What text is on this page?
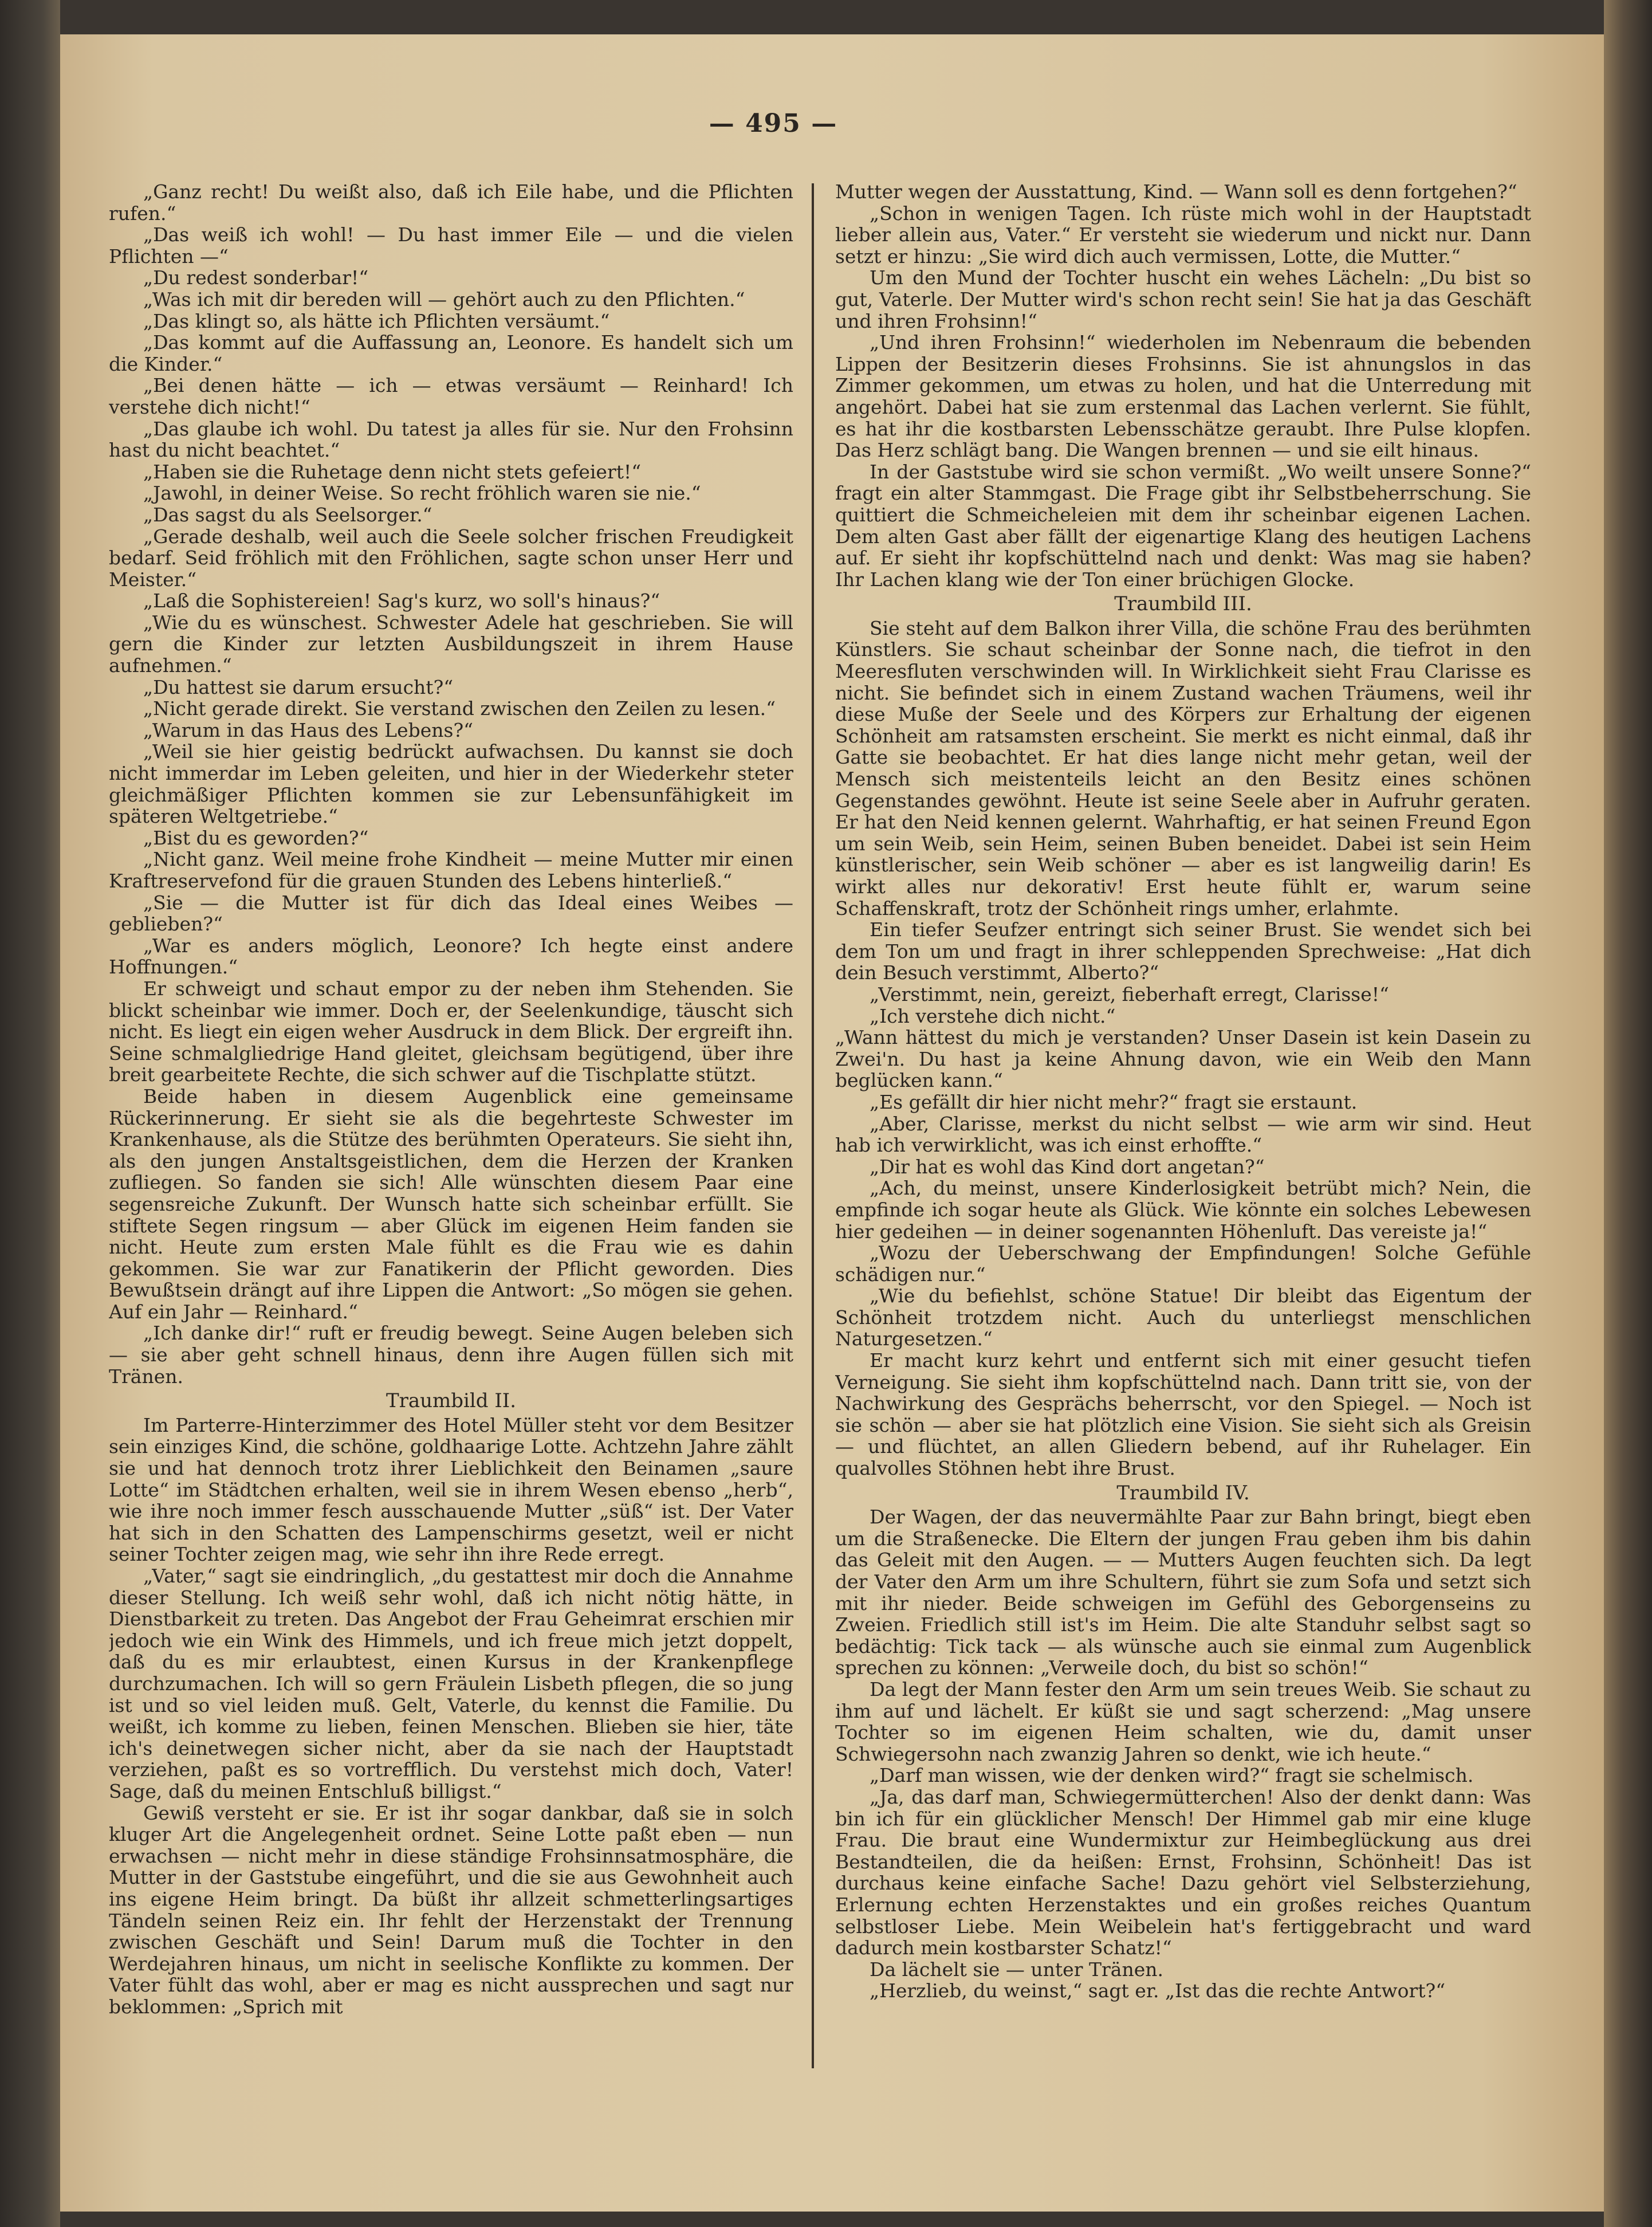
— 495 —

„Ganz recht! Du weißt also, daß ich Eile habe, und die Pflichten rufen.“

„Das weiß ich wohl! — Du hast immer Eile — und die vielen Pflichten —“

„Du redest sonderbar!“

„Was ich mit dir bereden will — gehört auch zu den Pflichten.“

„Das klingt so, als hätte ich Pflichten versäumt.“

„Das kommt auf die Auffassung an, Leonore. Es handelt sich um die Kinder.“

„Bei denen hätte — ich — etwas versäumt — Reinhard! Ich verstehe dich nicht!“

„Das glaube ich wohl. Du tatest ja alles für sie. Nur den Frohsinn hast du nicht beachtet.“

„Haben sie die Ruhetage denn nicht stets gefeiert!“

„Jawohl, in deiner Weise. So recht fröhlich waren sie nie.“

„Das sagst du als Seelsorger.“

„Gerade deshalb, weil auch die Seele solcher frischen Freudigkeit bedarf. Seid fröhlich mit den Fröhlichen, sagte schon unser Herr und Meister.“

„Laß die Sophistereien! Sag's kurz, wo soll's hinaus?“

„Wie du es wünschest. Schwester Adele hat geschrieben. Sie will gern die Kinder zur letzten Ausbildungszeit in ihrem Hause aufnehmen.“

„Du hattest sie darum ersucht?“

„Nicht gerade direkt. Sie verstand zwischen den Zeilen zu lesen.“

„Warum in das Haus des Lebens?“

„Weil sie hier geistig bedrückt aufwachsen. Du kannst sie doch nicht immerdar im Leben geleiten, und hier in der Wiederkehr steter gleichmäßiger Pflichten kommen sie zur Lebensunfähigkeit im späteren Weltgetriebe.“

„Bist du es geworden?“

„Nicht ganz. Weil meine frohe Kindheit — meine Mutter mir einen Kraftreservefond für die grauen Stunden des Lebens hinterließ.“

„Sie — die Mutter ist für dich das Ideal eines Weibes — geblieben?“

„War es anders möglich, Leonore? Ich hegte einst andere Hoffnungen.“

Er schweigt und schaut empor zu der neben ihm Stehenden. Sie blickt scheinbar wie immer. Doch er, der Seelenkundige, täuscht sich nicht. Es liegt ein eigen weher Ausdruck in dem Blick. Der ergreift ihn. Seine schmalgliedrige Hand gleitet, gleichsam begütigend, über ihre breit gearbeitete Rechte, die sich schwer auf die Tischplatte stützt.

Beide haben in diesem Augenblick eine gemeinsame Rückerinnerung. Er sieht sie als die begehrteste Schwester im Krankenhause, als die Stütze des berühmten Operateurs. Sie sieht ihn, als den jungen Anstaltsgeistlichen, dem die Herzen der Kranken zufliegen. So fanden sie sich! Alle wünschten diesem Paar eine segensreiche Zukunft. Der Wunsch hatte sich scheinbar erfüllt. Sie stiftete Segen ringsum — aber Glück im eigenen Heim fanden sie nicht. Heute zum ersten Male fühlt es die Frau wie es dahin gekommen. Sie war zur Fanatikerin der Pflicht geworden. Dies Bewußtsein drängt auf ihre Lippen die Antwort: „So mögen sie gehen. Auf ein Jahr — Reinhard.“

„Ich danke dir!“ ruft er freudig bewegt. Seine Augen beleben sich — sie aber geht schnell hinaus, denn ihre Augen füllen sich mit Tränen.

Traumbild II.

Im Parterre-Hinterzimmer des Hotel Müller steht vor dem Besitzer sein einziges Kind, die schöne, goldhaarige Lotte. Achtzehn Jahre zählt sie und hat dennoch trotz ihrer Lieblichkeit den Beinamen „saure Lotte“ im Städtchen erhalten, weil sie in ihrem Wesen ebenso „herb“, wie ihre noch immer fesch ausschauende Mutter „süß“ ist. Der Vater hat sich in den Schatten des Lampenschirms gesetzt, weil er nicht seiner Tochter zeigen mag, wie sehr ihn ihre Rede erregt.

„Vater,“ sagt sie eindringlich, „du gestattest mir doch die Annahme dieser Stellung. Ich weiß sehr wohl, daß ich nicht nötig hätte, in Dienstbarkeit zu treten. Das Angebot der Frau Geheimrat erschien mir jedoch wie ein Wink des Himmels, und ich freue mich jetzt doppelt, daß du es mir erlaubtest, einen Kursus in der Krankenpflege durchzumachen. Ich will so gern Fräulein Lisbeth pflegen, die so jung ist und so viel leiden muß. Gelt, Vaterle, du kennst die Familie. Du weißt, ich komme zu lieben, feinen Menschen. Blieben sie hier, täte ich's deinetwegen sicher nicht, aber da sie nach der Hauptstadt verziehen, paßt es so vortrefflich. Du verstehst mich doch, Vater! Sage, daß du meinen Entschluß billigst.“

Gewiß versteht er sie. Er ist ihr sogar dankbar, daß sie in solch kluger Art die Angelegenheit ordnet. Seine Lotte paßt eben — nun erwachsen — nicht mehr in diese ständige Frohsinnsatmosphäre, die Mutter in der Gaststube eingeführt, und die sie aus Gewohnheit auch ins eigene Heim bringt. Da büßt ihr allzeit schmetterlingsartiges Tändeln seinen Reiz ein. Ihr fehlt der Herzenstakt der Trennung zwischen Geschäft und Sein! Darum muß die Tochter in den Werdejahren hinaus, um nicht in seelische Konflikte zu kommen. Der Vater fühlt das wohl, aber er mag es nicht aussprechen und sagt nur beklommen: „Sprich mit

Mutter wegen der Ausstattung, Kind. — Wann soll es denn fortgehen?“

„Schon in wenigen Tagen. Ich rüste mich wohl in der Hauptstadt lieber allein aus, Vater.“ Er versteht sie wiederum und nickt nur. Dann setzt er hinzu: „Sie wird dich auch vermissen, Lotte, die Mutter.“

Um den Mund der Tochter huscht ein wehes Lächeln: „Du bist so gut, Vaterle. Der Mutter wird's schon recht sein! Sie hat ja das Geschäft und ihren Frohsinn!“

„Und ihren Frohsinn!“ wiederholen im Nebenraum die bebenden Lippen der Besitzerin dieses Frohsinns. Sie ist ahnungslos in das Zimmer gekommen, um etwas zu holen, und hat die Unterredung mit angehört. Dabei hat sie zum erstenmal das Lachen verlernt. Sie fühlt, es hat ihr die kostbarsten Lebensschätze geraubt. Ihre Pulse klopfen. Das Herz schlägt bang. Die Wangen brennen — und sie eilt hinaus.

In der Gaststube wird sie schon vermißt. „Wo weilt unsere Sonne?“ fragt ein alter Stammgast. Die Frage gibt ihr Selbstbeherrschung. Sie quittiert die Schmeicheleien mit dem ihr scheinbar eigenen Lachen. Dem alten Gast aber fällt der eigenartige Klang des heutigen Lachens auf. Er sieht ihr kopfschüttelnd nach und denkt: Was mag sie haben? Ihr Lachen klang wie der Ton einer brüchigen Glocke.

Traumbild III.

Sie steht auf dem Balkon ihrer Villa, die schöne Frau des berühmten Künstlers. Sie schaut scheinbar der Sonne nach, die tiefrot in den Meeresfluten verschwinden will. In Wirklichkeit sieht Frau Clarisse es nicht. Sie befindet sich in einem Zustand wachen Träumens, weil ihr diese Muße der Seele und des Körpers zur Erhaltung der eigenen Schönheit am ratsamsten erscheint. Sie merkt es nicht einmal, daß ihr Gatte sie beobachtet. Er hat dies lange nicht mehr getan, weil der Mensch sich meistenteils leicht an den Besitz eines schönen Gegenstandes gewöhnt. Heute ist seine Seele aber in Aufruhr geraten. Er hat den Neid kennen gelernt. Wahrhaftig, er hat seinen Freund Egon um sein Weib, sein Heim, seinen Buben beneidet. Dabei ist sein Heim künstlerischer, sein Weib schöner — aber es ist langweilig darin! Es wirkt alles nur dekorativ! Erst heute fühlt er, warum seine Schaffenskraft, trotz der Schönheit rings umher, erlahmte.

Ein tiefer Seufzer entringt sich seiner Brust. Sie wendet sich bei dem Ton um und fragt in ihrer schleppenden Sprechweise: „Hat dich dein Besuch verstimmt, Alberto?“

„Verstimmt, nein, gereizt, fieberhaft erregt, Clarisse!“

„Ich verstehe dich nicht.“

„Wann hättest du mich je verstanden? Unser Dasein ist kein Dasein zu Zwei'n. Du hast ja keine Ahnung davon, wie ein Weib den Mann beglücken kann.“

„Es gefällt dir hier nicht mehr?“ fragt sie erstaunt.

„Aber, Clarisse, merkst du nicht selbst — wie arm wir sind. Heut hab ich verwirklicht, was ich einst erhoffte.“

„Dir hat es wohl das Kind dort angetan?“

„Ach, du meinst, unsere Kinderlosigkeit betrübt mich? Nein, die empfinde ich sogar heute als Glück. Wie könnte ein solches Lebewesen hier gedeihen — in deiner sogenannten Höhenluft. Das vereiste ja!“

„Wozu der Ueberschwang der Empfindungen! Solche Gefühle schädigen nur.“

„Wie du befiehlst, schöne Statue! Dir bleibt das Eigentum der Schönheit trotzdem nicht. Auch du unterliegst menschlichen Naturgesetzen.“

Er macht kurz kehrt und entfernt sich mit einer gesucht tiefen Verneigung. Sie sieht ihm kopfschüttelnd nach. Dann tritt sie, von der Nachwirkung des Gesprächs beherrscht, vor den Spiegel. — Noch ist sie schön — aber sie hat plötzlich eine Vision. Sie sieht sich als Greisin — und flüchtet, an allen Gliedern bebend, auf ihr Ruhelager. Ein qualvolles Stöhnen hebt ihre Brust.

Traumbild IV.

Der Wagen, der das neuvermählte Paar zur Bahn bringt, biegt eben um die Straßenecke. Die Eltern der jungen Frau geben ihm bis dahin das Geleit mit den Augen. — — Mutters Augen feuchten sich. Da legt der Vater den Arm um ihre Schultern, führt sie zum Sofa und setzt sich mit ihr nieder. Beide schweigen im Gefühl des Geborgenseins zu Zweien. Friedlich still ist's im Heim. Die alte Standuhr selbst sagt so bedächtig: Tick tack — als wünsche auch sie einmal zum Augenblick sprechen zu können: „Verweile doch, du bist so schön!“

Da legt der Mann fester den Arm um sein treues Weib. Sie schaut zu ihm auf und lächelt. Er küßt sie und sagt scherzend: „Mag unsere Tochter so im eigenen Heim schalten, wie du, damit unser Schwiegersohn nach zwanzig Jahren so denkt, wie ich heute.“

„Darf man wissen, wie der denken wird?“ fragt sie schelmisch.

„Ja, das darf man, Schwiegermütterchen! Also der denkt dann: Was bin ich für ein glücklicher Mensch! Der Himmel gab mir eine kluge Frau. Die braut eine Wundermixtur zur Heimbeglückung aus drei Bestandteilen, die da heißen: Ernst, Frohsinn, Schönheit! Das ist durchaus keine einfache Sache! Dazu gehört viel Selbsterziehung, Erlernung echten Herzenstaktes und ein großes reiches Quantum selbstloser Liebe. Mein Weibelein hat's fertiggebracht und ward dadurch mein kostbarster Schatz!“

Da lächelt sie — unter Tränen.

„Herzlieb, du weinst,“ sagt er. „Ist das die rechte Antwort?“
